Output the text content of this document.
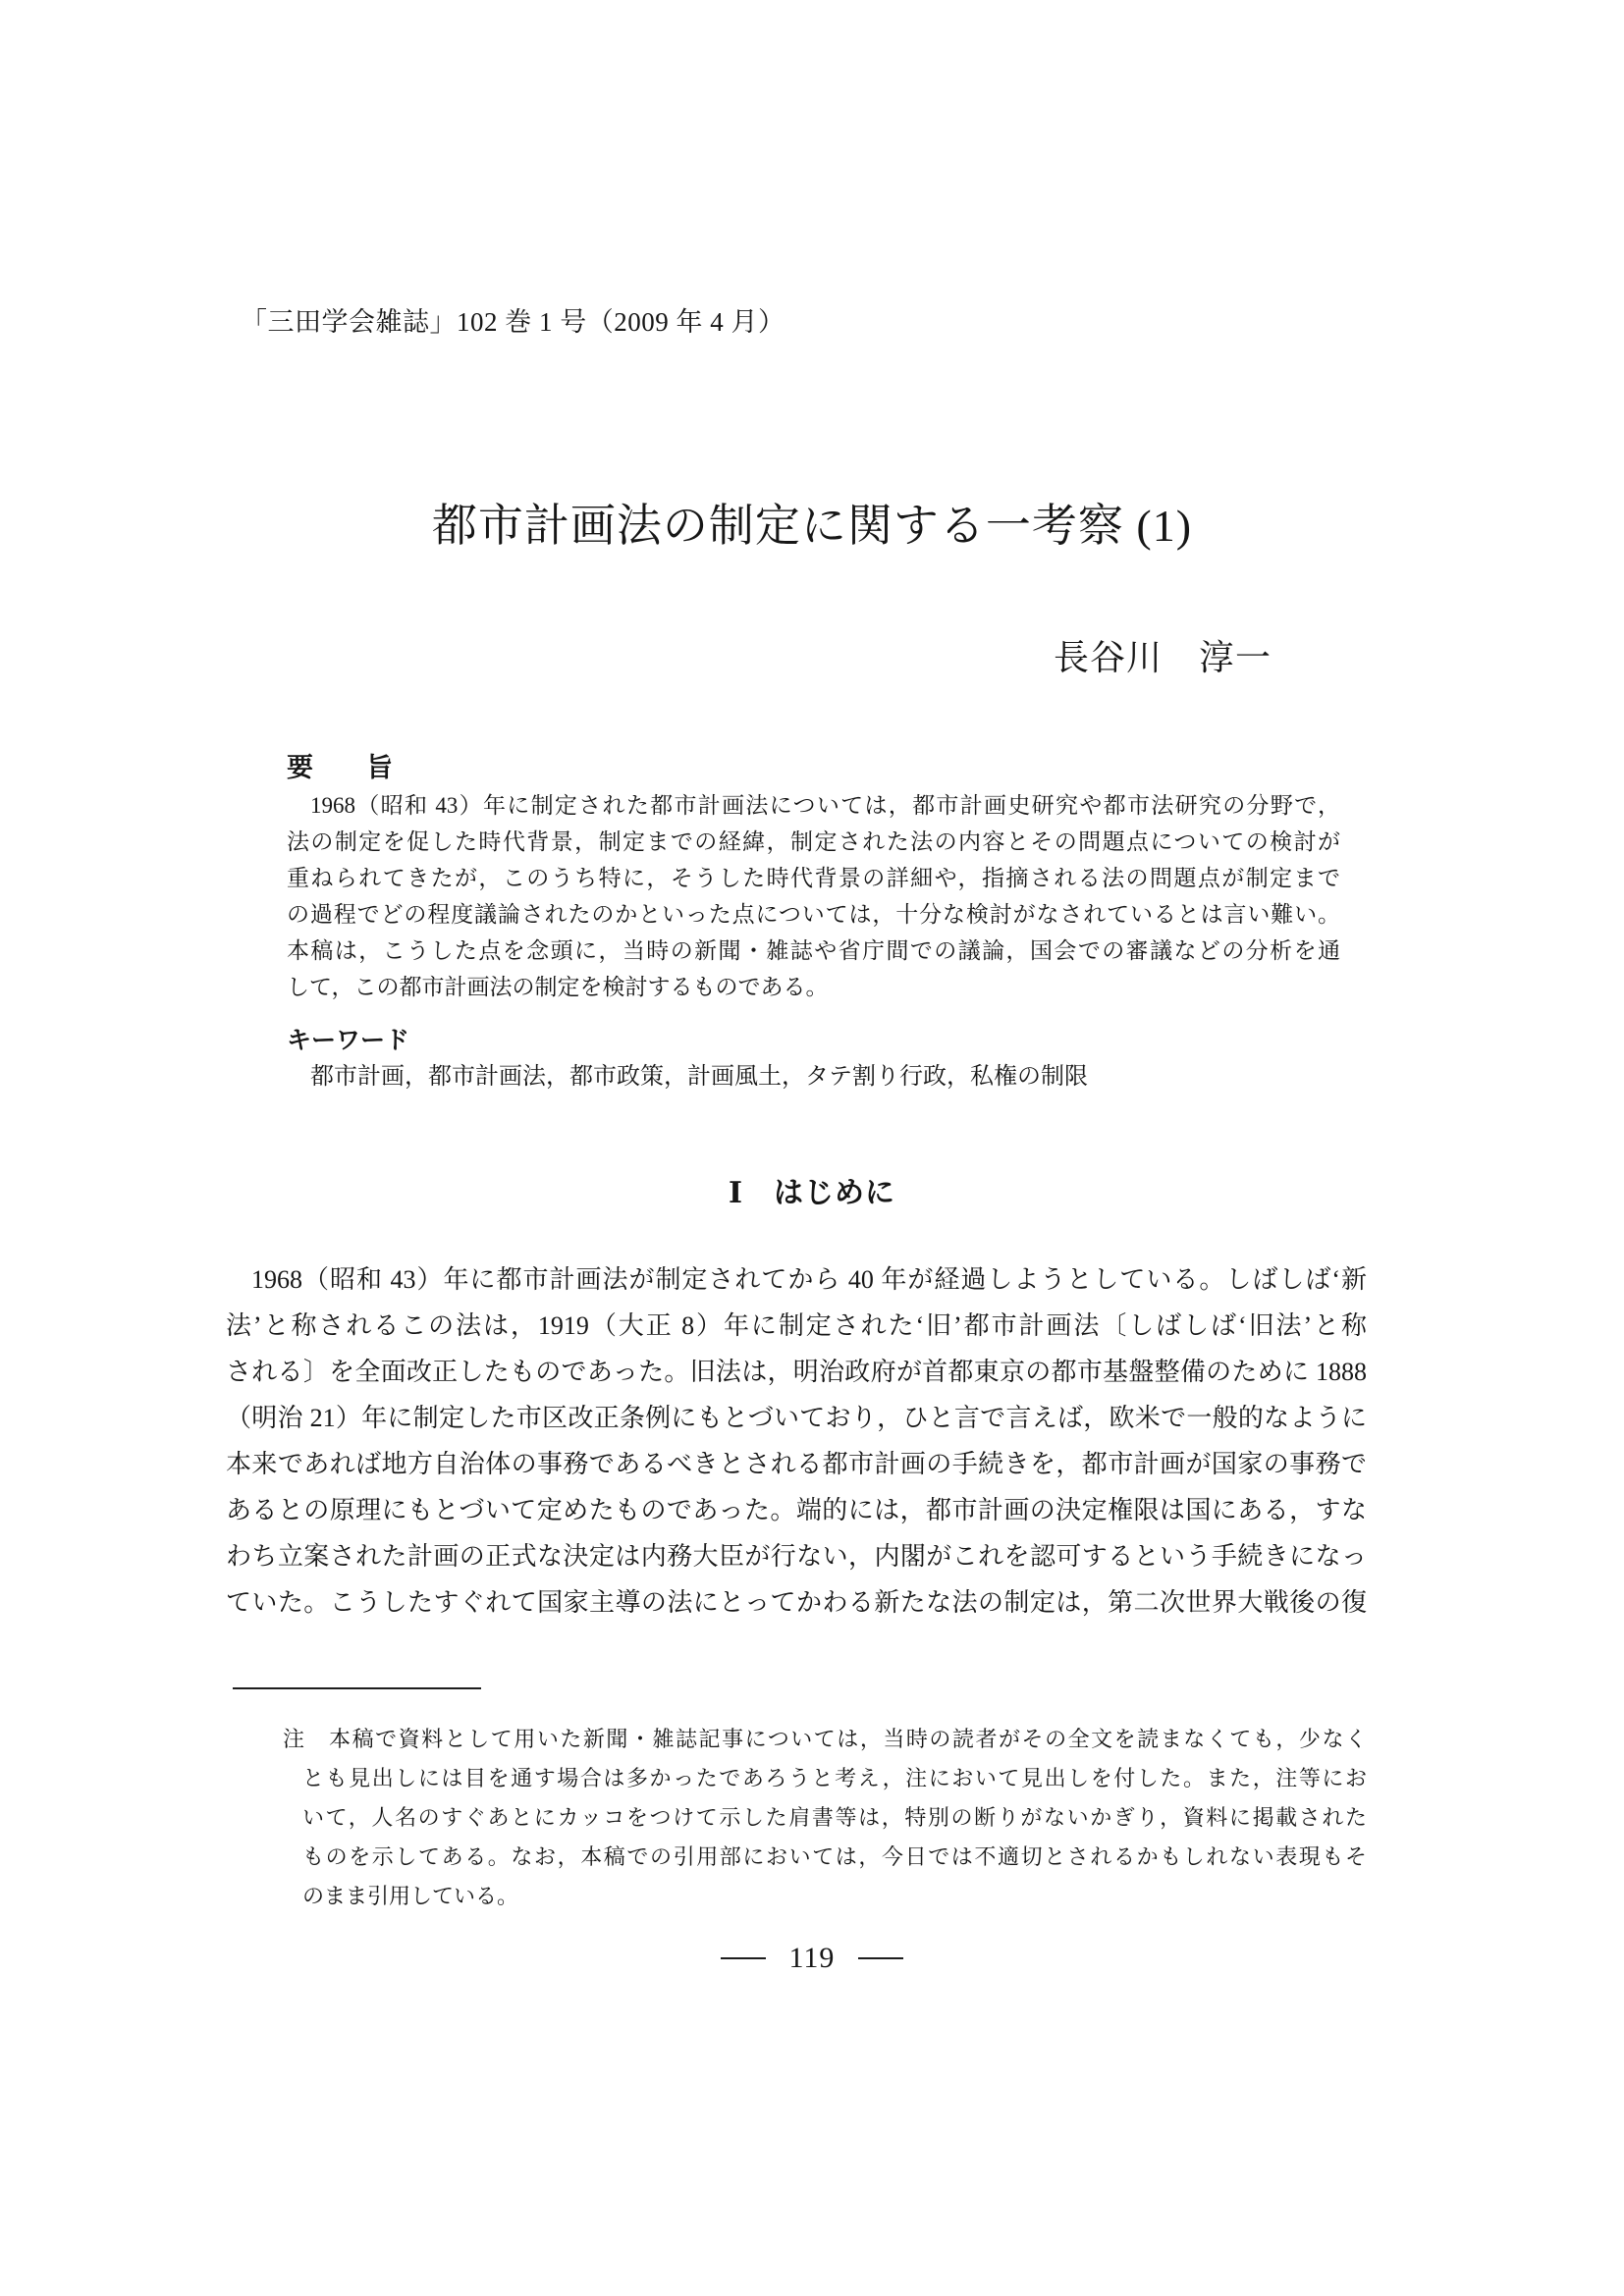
「三田学会雑誌」102 巻 1 号（2009 年 4 月）
都市計画法の制定に関する一考察 (1)
長谷川　淳一
要　　旨
1968（昭和 43）年に制定された都市計画法については，都市計画史研究や都市法研究の分野で，
法の制定を促した時代背景，制定までの経緯，制定された法の内容とその問題点についての検討が
重ねられてきたが，このうち特に，そうした時代背景の詳細や，指摘される法の問題点が制定まで
の過程でどの程度議論されたのかといった点については，十分な検討がなされているとは言い難い。
本稿は，こうした点を念頭に，当時の新聞・雑誌や省庁間での議論，国会での審議などの分析を通
して，この都市計画法の制定を検討するものである。
キーワード
都市計画，都市計画法，都市政策，計画風土，タテ割り行政，私権の制限
Ⅰ　はじめに
1968（昭和 43）年に都市計画法が制定されてから 40 年が経過しようとしている。しばしば‘新
法’と称されるこの法は，1919（大正 8）年に制定された‘旧’都市計画法〔しばしば‘旧法’と称
される〕を全面改正したものであった。旧法は，明治政府が首都東京の都市基盤整備のために 1888
（明治 21）年に制定した市区改正条例にもとづいており，ひと言で言えば，欧米で一般的なように
本来であれば地方自治体の事務であるべきとされる都市計画の手続きを，都市計画が国家の事務で
あるとの原理にもとづいて定めたものであった。端的には，都市計画の決定権限は国にある，すな
わち立案された計画の正式な決定は内務大臣が行ない，内閣がこれを認可するという手続きになっ
ていた。こうしたすぐれて国家主導の法にとってかわる新たな法の制定は，第二次世界大戦後の復
注　本稿で資料として用いた新聞・雑誌記事については，当時の読者がその全文を読まなくても，少なく
とも見出しには目を通す場合は多かったであろうと考え，注において見出しを付した。また，注等にお
いて，人名のすぐあとにカッコをつけて示した肩書等は，特別の断りがないかぎり，資料に掲載された
ものを示してある。なお，本稿での引用部においては，今日では不適切とされるかもしれない表現もそ
のまま引用している。
119
